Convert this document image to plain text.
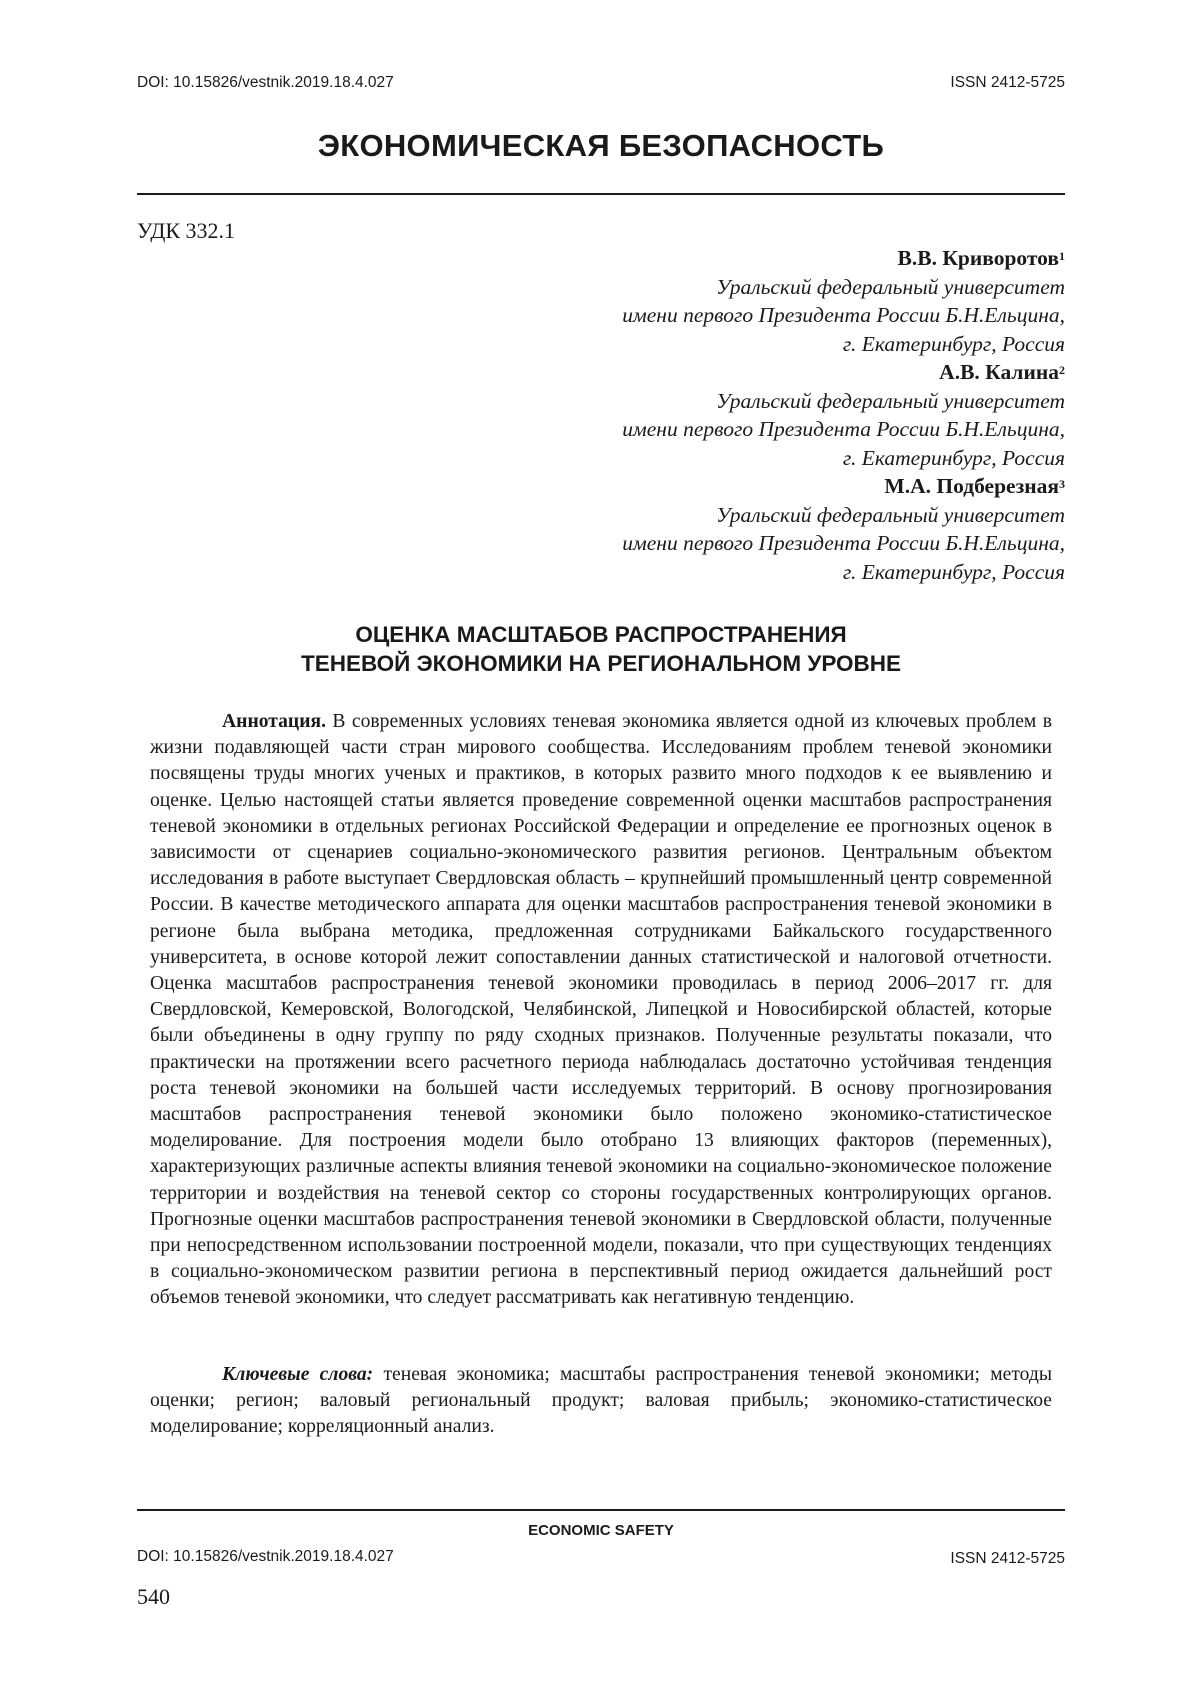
DOI: 10.15826/vestnik.2019.18.4.027	ISSN 2412-5725
ЭКОНОМИЧЕСКАЯ БЕЗОПАСНОСТЬ
УДК 332.1
В.В. Криворотов$^1$
Уральский федеральный университет
имени первого Президента России Б.Н.Ельцина,
г. Екатеринбург, Россия
А.В. Калина$^2$
Уральский федеральный университет
имени первого Президента России Б.Н.Ельцина,
г. Екатеринбург, Россия
М.А. Подберезная$^3$
Уральский федеральный университет
имени первого Президента России Б.Н.Ельцина,
г. Екатеринбург, Россия
ОЦЕНКА МАСШТАБОВ РАСПРОСТРАНЕНИЯ
ТЕНЕВОЙ ЭКОНОМИКИ НА РЕГИОНАЛЬНОМ УРОВНЕ

Аннотация. В современных условиях теневая экономика является одной из ключевых проблем в жизни подавляющей части стран мирового сообщества. Исследованиям проблем теневой экономики посвящены труды многих ученых и практиков, в которых развито много подходов к ее выявлению и оценке. Целью настоящей статьи является проведение современной оценки масштабов распространения теневой экономики в отдельных регионах Российской Федерации и определение ее прогнозных оценок в зависимости от сценариев социально-экономического развития регионов. Центральным объектом исследования в работе выступает Свердловская область – крупнейший промышленный центр современной России. В качестве методического аппарата для оценки масштабов распространения теневой экономики в регионе была выбрана методика, предложенная сотрудниками Байкальского государственного университета, в основе которой лежит сопоставлении данных статистической и налоговой отчетности. Оценка масштабов распространения теневой экономики проводилась в период 2006–2017 гг. для Свердловской, Кемеровской, Вологодской, Челябинской, Липецкой и Новосибирской областей, которые были объединены в одну группу по ряду сходных признаков. Полученные результаты показали, что практически на протяжении всего расчетного периода наблюдалась достаточно устойчивая тенденция роста теневой экономики на большей части исследуемых территорий. В основу прогнозирования масштабов распространения теневой экономики было положено экономико-статистическое моделирование. Для построения модели было отобрано 13 влияющих факторов (переменных), характеризующих различные аспекты влияния теневой экономики на социально-экономическое положение территории и воздействия на теневой сектор со стороны государственных контролирующих органов. Прогнозные оценки масштабов распространения теневой экономики в Свердловской области, полученные при непосредственном использовании построенной модели, показали, что при существующих тенденциях в социально-экономическом развитии региона в перспективный период ожидается дальнейший рост объемов теневой экономики, что следует рассматривать как негативную тенденцию.

Ключевые слова: теневая экономика; масштабы распространения теневой экономики; методы оценки; регион; валовый региональный продукт; валовая прибыль; экономико-статистическое моделирование; корреляционный анализ.

ECONOMIC SAFETY
DOI: 10.15826/vestnik.2019.18.4.027	ISSN 2412-5725
540
